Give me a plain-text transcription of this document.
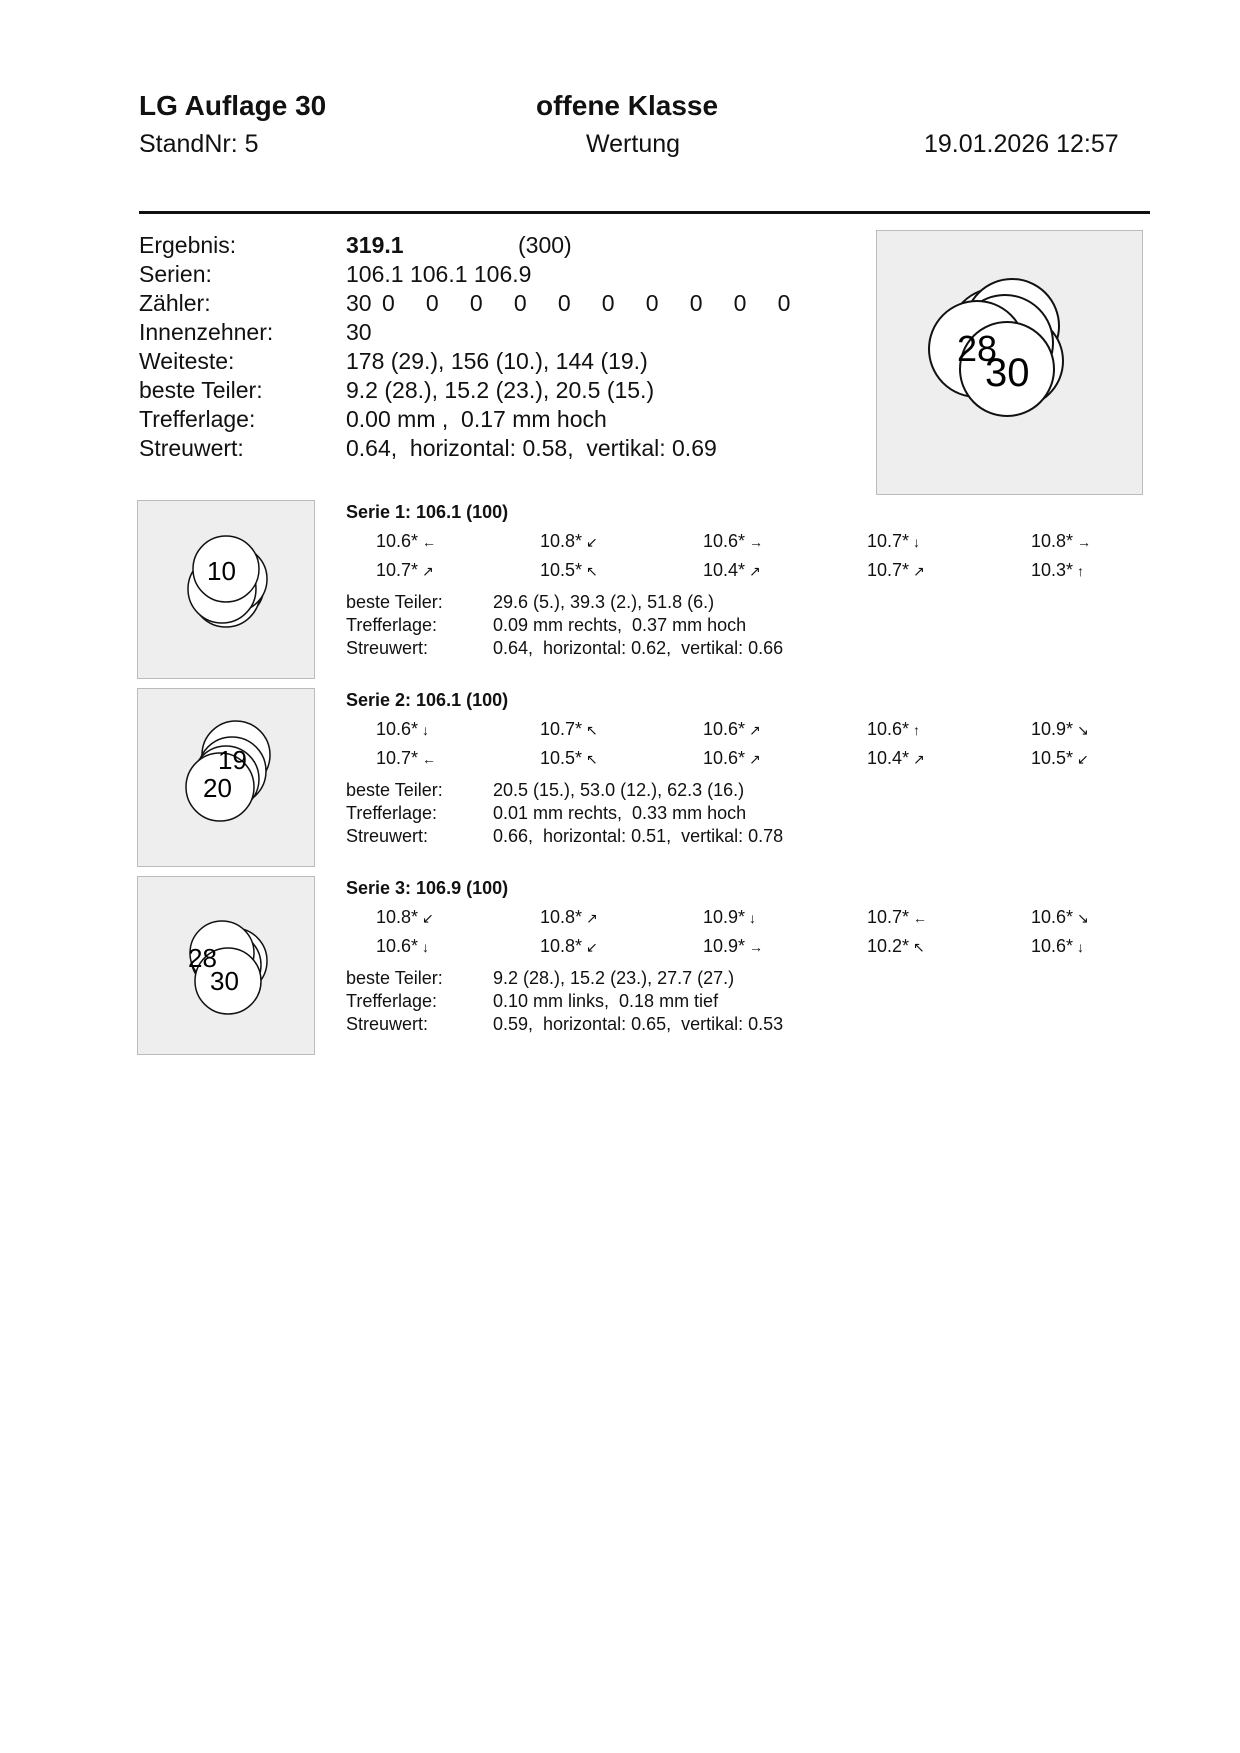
LG Auflage 30	offene Klasse
StandNr: 5	Wertung	19.01.2026 12:57
Ergebnis:	319.1	(300)
Serien:	106.1 106.1 106.9
Zähler:	30 0   0   0   0   0   0   0   0   0   0
Innenzehner:	30
Weiteste:	178 (29.), 156 (10.), 144 (19.)
beste Teiler:	9.2 (28.), 15.2 (23.), 20.5 (15.)
Trefferlage:	0.00 mm ,  0.17 mm hoch
Streuwert:	0.64,  horizontal: 0.58,  vertikal: 0.69
28
30
10
Serie 1: 106.1 (100)
10.6* ←	10.8* ↙	10.6* →	10.7* ↓	10.8* →
10.7* ↗	10.5* ↖	10.4* ↗	10.7* ↗	10.3* ↑
beste Teiler:	29.6 (5.), 39.3 (2.), 51.8 (6.)
Trefferlage:	0.09 mm rechts,  0.37 mm hoch
Streuwert:	0.64,  horizontal: 0.62,  vertikal: 0.66
19
20
Serie 2: 106.1 (100)
10.6* ↓	10.7* ↖	10.6* ↗	10.6* ↑	10.9* ↘
10.7* ←	10.5* ↖	10.6* ↗	10.4* ↗	10.5* ↙
beste Teiler:	20.5 (15.), 53.0 (12.), 62.3 (16.)
Trefferlage:	0.01 mm rechts,  0.33 mm hoch
Streuwert:	0.66,  horizontal: 0.51,  vertikal: 0.78
28
30
Serie 3: 106.9 (100)
10.8* ↙	10.8* ↗	10.9* ↓	10.7* ←	10.6* ↘
10.6* ↓	10.8* ↙	10.9* →	10.2* ↖	10.6* ↓
beste Teiler:	9.2 (28.), 15.2 (23.), 27.7 (27.)
Trefferlage:	0.10 mm links,  0.18 mm tief
Streuwert:	0.59,  horizontal: 0.65,  vertikal: 0.53
